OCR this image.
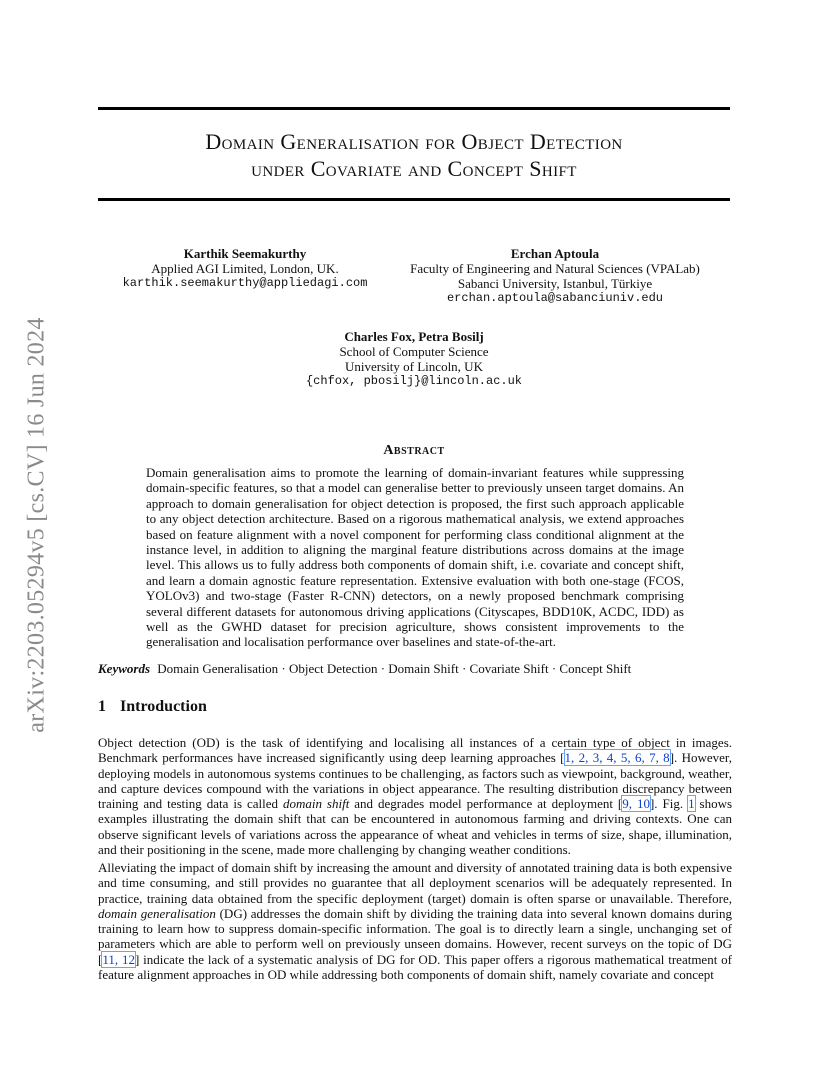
arXiv:2203.05294v5 [cs.CV] 16 Jun 2024
Domain Generalisation for Object Detection
under Covariate and Concept Shift
Karthik Seemakurthy
Applied AGI Limited, London, UK.
karthik.seemakurthy@appliedagi.com
Erchan Aptoula
Faculty of Engineering and Natural Sciences (VPALab)
Sabanci University, Istanbul, Türkiye
erchan.aptoula@sabanciuniv.edu
Charles Fox, Petra Bosilj
School of Computer Science
University of Lincoln, UK
{chfox, pbosilj}@lincoln.ac.uk
Abstract

Domain generalisation aims to promote the learning of domain-invariant features while suppressing domain-specific features, so that a model can generalise better to previously unseen target domains. An approach to domain generalisation for object detection is proposed, the first such approach applicable to any object detection architecture. Based on a rigorous mathematical analysis, we extend approaches based on feature alignment with a novel component for performing class conditional alignment at the instance level, in addition to aligning the marginal feature distributions across domains at the image level. This allows us to fully address both components of domain shift, i.e. covariate and concept shift, and learn a domain agnostic feature representation. Extensive evaluation with both one-stage (FCOS, YOLOv3) and two-stage (Faster R-CNN) detectors, on a newly proposed benchmark comprising several different datasets for autonomous driving applications (Cityscapes, BDD10K, ACDC, IDD) as well as the GWHD dataset for precision agriculture, shows consistent improvements to the generalisation and localisation performance over baselines and state-of-the-art.

Keywords Domain Generalisation · Object Detection · Domain Shift · Covariate Shift · Concept Shift
1 Introduction

Object detection (OD) is the task of identifying and localising all instances of a certain type of object in images. Benchmark performances have increased significantly using deep learning approaches [1, 2, 3, 4, 5, 6, 7, 8]. However, deploying models in autonomous systems continues to be challenging, as factors such as viewpoint, background, weather, and capture devices compound with the variations in object appearance. The resulting distribution discrepancy between training and testing data is called domain shift and degrades model performance at deployment [9, 10]. Fig. 1 shows examples illustrating the domain shift that can be encountered in autonomous farming and driving contexts. One can observe significant levels of variations across the appearance of wheat and vehicles in terms of size, shape, illumination, and their positioning in the scene, made more challenging by changing weather conditions.

Alleviating the impact of domain shift by increasing the amount and diversity of annotated training data is both expensive and time consuming, and still provides no guarantee that all deployment scenarios will be adequately represented. In practice, training data obtained from the specific deployment (target) domain is often sparse or unavailable. Therefore, domain generalisation (DG) addresses the domain shift by dividing the training data into several known domains during training to learn how to suppress domain-specific information. The goal is to directly learn a single, unchanging set of parameters which are able to perform well on previously unseen domains. However, recent surveys on the topic of DG [11, 12] indicate the lack of a systematic analysis of DG for OD. This paper offers a rigorous mathematical treatment of feature alignment approaches in OD while addressing both components of domain shift, namely covariate and concept
